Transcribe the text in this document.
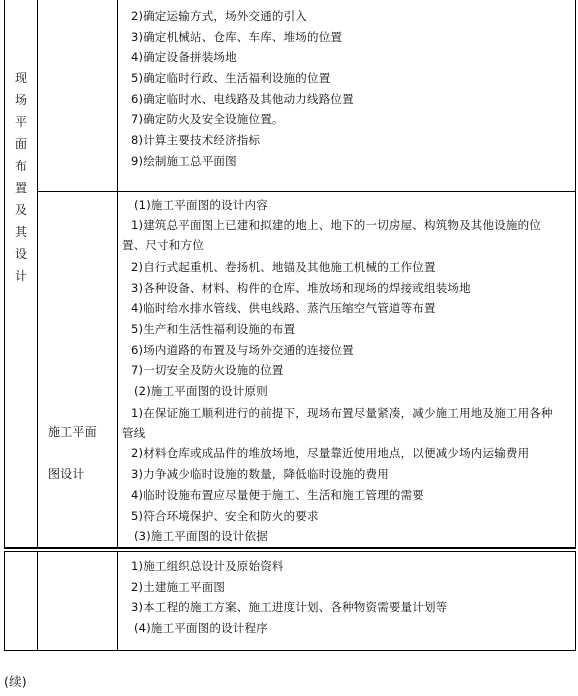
现
场
平
面
布
置
及
其
设
计
2)确定运输方式，场外交通的引入
3)确定机械站、仓库、车库、堆场的位置
4)确定设备拼装场地
5)确定临时行政、生活福利设施的位置
6)确定临时水、电线路及其他动力线路位置
7)确定防火及安全设施位置。
8)计算主要技术经济指标
9)绘制施工总平面图
施工平面
图设计
(1)施工平面图的设计内容
1)建筑总平面图上已建和拟建的地上、地下的一切房屋、构筑物及其他设施的位
置、尺寸和方位
2)自行式起重机、卷扬机、地锚及其他施工机械的工作位置
3)各种设备、材料、构件的仓库、堆放场和现场的焊接或组装场地
4)临时给水排水管线、供电线路、蒸汽压缩空气管道等布置
5)生产和生活性福利设施的布置
6)场内道路的布置及与场外交通的连接位置
7)一切安全及防火设施的位置
(2)施工平面图的设计原则
1)在保证施工顺利进行的前提下，现场布置尽量紧凑，减少施工用地及施工用各种
管线
2)材料仓库或成品件的堆放场地，尽量靠近使用地点，以便减少场内运输费用
3)力争减少临时设施的数量，降低临时设施的费用
4)临时设施布置应尽量便于施工、生活和施工管理的需要
5)符合环境保护、安全和防火的要求
(3)施工平面图的设计依据
1)施工组织总设计及原始资料
2)土建施工平面图
3)本工程的施工方案、施工进度计划、各种物资需要量计划等
(4)施工平面图的设计程序
(续)
